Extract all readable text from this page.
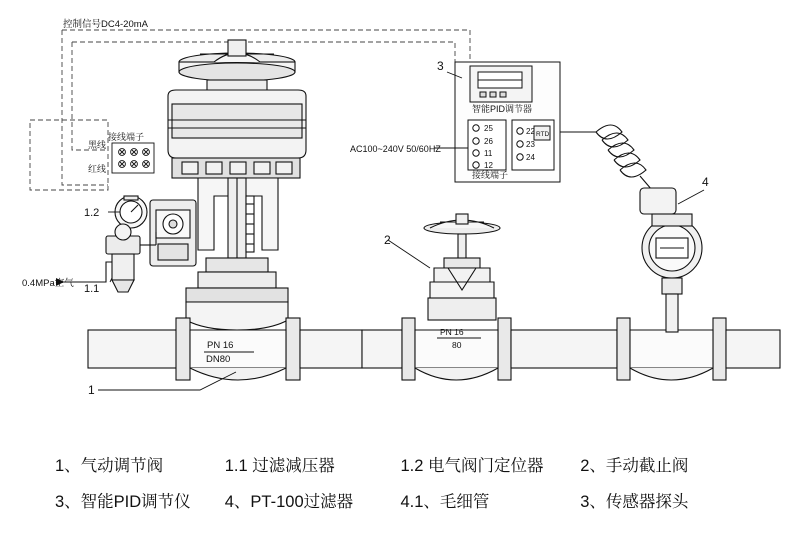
控制信号DC4-20mA
黑线
红线
接线端子
0.4MPa空气
PN 16
DN80
PN 16
80
智能PID调节器
25
26
11
12
22
23
24
RTD
AC100~240V 50/60HZ
接线端子
1
1.1
1.2
2
3
4
1、气动调节阀	1.1 过滤减压器	1.2 电气阀门定位器	2、手动截止阀
3、智能PID调节仪	4、PT-100过滤器	4.1、毛细管	3、传感器探头
